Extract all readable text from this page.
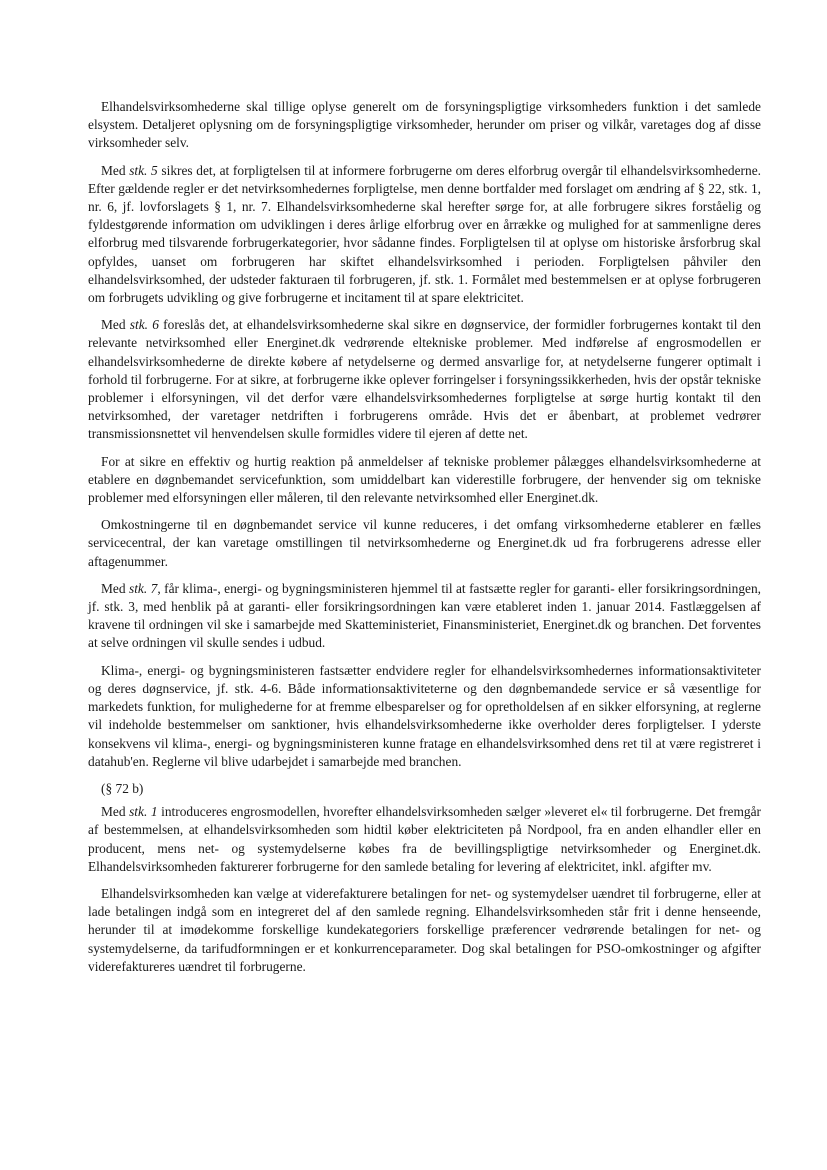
Elhandelsvirksomhederne skal tillige oplyse generelt om de forsyningspligtige virksomheders funktion i det samlede elsystem. Detaljeret oplysning om de forsyningspligtige virksomheder, herunder om priser og vilkår, varetages dog af disse virksomheder selv.

Med stk. 5 sikres det, at forpligtelsen til at informere forbrugerne om deres elforbrug overgår til elhandelsvirksomhederne. Efter gældende regler er det netvirksomhedernes forpligtelse, men denne bortfalder med forslaget om ændring af § 22, stk. 1, nr. 6, jf. lovforslagets § 1, nr. 7. Elhandelsvirksomhederne skal herefter sørge for, at alle forbrugere sikres forståelig og fyldestgørende information om udviklingen i deres årlige elforbrug over en årrække og mulighed for at sammenligne deres elforbrug med tilsvarende forbrugerkategorier, hvor sådanne findes. Forpligtelsen til at oplyse om historiske årsforbrug skal opfyldes, uanset om forbrugeren har skiftet elhandelsvirksomhed i perioden. Forpligtelsen påhviler den elhandelsvirksomhed, der udsteder fakturaen til forbrugeren, jf. stk. 1. Formålet med bestemmelsen er at oplyse forbrugeren om forbrugets udvikling og give forbrugerne et incitament til at spare elektricitet.

Med stk. 6 foreslås det, at elhandelsvirksomhederne skal sikre en døgnservice, der formidler forbrugernes kontakt til den relevante netvirksomhed eller Energinet.dk vedrørende eltekniske problemer. Med indførelse af engrosmodellen er elhandelsvirksomhederne de direkte købere af netydelserne og dermed ansvarlige for, at netydelserne fungerer optimalt i forhold til forbrugerne. For at sikre, at forbrugerne ikke oplever forringelser i forsyningssikkerheden, hvis der opstår tekniske problemer i elforsyningen, vil det derfor være elhandelsvirksomhedernes forpligtelse at sørge hurtig kontakt til den netvirksomhed, der varetager netdriften i forbrugerens område. Hvis det er åbenbart, at problemet vedrører transmissionsnettet vil henvendelsen skulle formidles videre til ejeren af dette net.

For at sikre en effektiv og hurtig reaktion på anmeldelser af tekniske problemer pålægges elhandelsvirksomhederne at etablere en døgnbemandet servicefunktion, som umiddelbart kan viderestille forbrugere, der henvender sig om tekniske problemer med elforsyningen eller måleren, til den relevante netvirksomhed eller Energinet.dk.

Omkostningerne til en døgnbemandet service vil kunne reduceres, i det omfang virksomhederne etablerer en fælles servicecentral, der kan varetage omstillingen til netvirksomhederne og Energinet.dk ud fra forbrugerens adresse eller aftagenummer.

Med stk. 7, får klima-, energi- og bygningsministeren hjemmel til at fastsætte regler for garanti- eller forsikringsordningen, jf. stk. 3, med henblik på at garanti- eller forsikringsordningen kan være etableret inden 1. januar 2014. Fastlæggelsen af kravene til ordningen vil ske i samarbejde med Skatteministeriet, Finansministeriet, Energinet.dk og branchen. Det forventes at selve ordningen vil skulle sendes i udbud.

Klima-, energi- og bygningsministeren fastsætter endvidere regler for elhandelsvirksomhedernes informationsaktiviteter og deres døgnservice, jf. stk. 4-6. Både informationsaktiviteterne og den døgnbemandede service er så væsentlige for markedets funktion, for mulighederne for at fremme elbesparelser og for opretholdelsen af en sikker elforsyning, at reglerne vil indeholde bestemmelser om sanktioner, hvis elhandelsvirksomhederne ikke overholder deres forpligtelser. I yderste konsekvens vil klima-, energi- og bygningsministeren kunne fratage en elhandelsvirksomhed dens ret til at være registreret i datahub'en. Reglerne vil blive udarbejdet i samarbejde med branchen.

(§ 72 b)

Med stk. 1 introduceres engrosmodellen, hvorefter elhandelsvirksomheden sælger »leveret el« til forbrugerne. Det fremgår af bestemmelsen, at elhandelsvirksomheden som hidtil køber elektriciteten på Nordpool, fra en anden elhandler eller en producent, mens net- og systemydelserne købes fra de bevillingspligtige netvirksomheder og Energinet.dk. Elhandelsvirksomheden fakturerer forbrugerne for den samlede betaling for levering af elektricitet, inkl. afgifter mv.

Elhandelsvirksomheden kan vælge at viderefakturere betalingen for net- og systemydelser uændret til forbrugerne, eller at lade betalingen indgå som en integreret del af den samlede regning. Elhandelsvirksomheden står frit i denne henseende, herunder til at imødekomme forskellige kundekategoriers forskellige præferencer vedrørende betalingen for net- og systemydelserne, da tarifudformningen er et konkurrenceparameter. Dog skal betalingen for PSO-omkostninger og afgifter viderefaktureres uændret til forbrugerne.
